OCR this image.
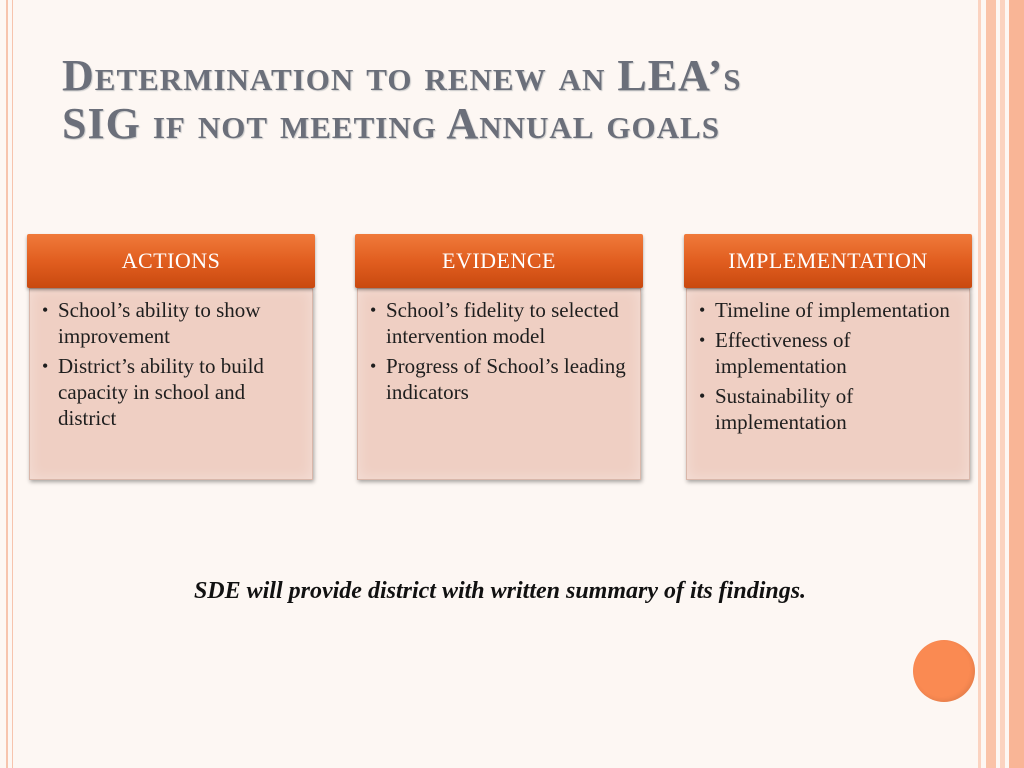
Determination to renew an LEA’s
SIG if not meeting Annual goals
ACTIONS
• School’s ability to show improvement
• District’s ability to build capacity in school and district
EVIDENCE
• School’s fidelity to selected intervention model
• Progress of School’s leading indicators
IMPLEMENTATION
• Timeline of implementation
• Effectiveness of implementation
• Sustainability of implementation
SDE will provide district with written summary of its findings.
